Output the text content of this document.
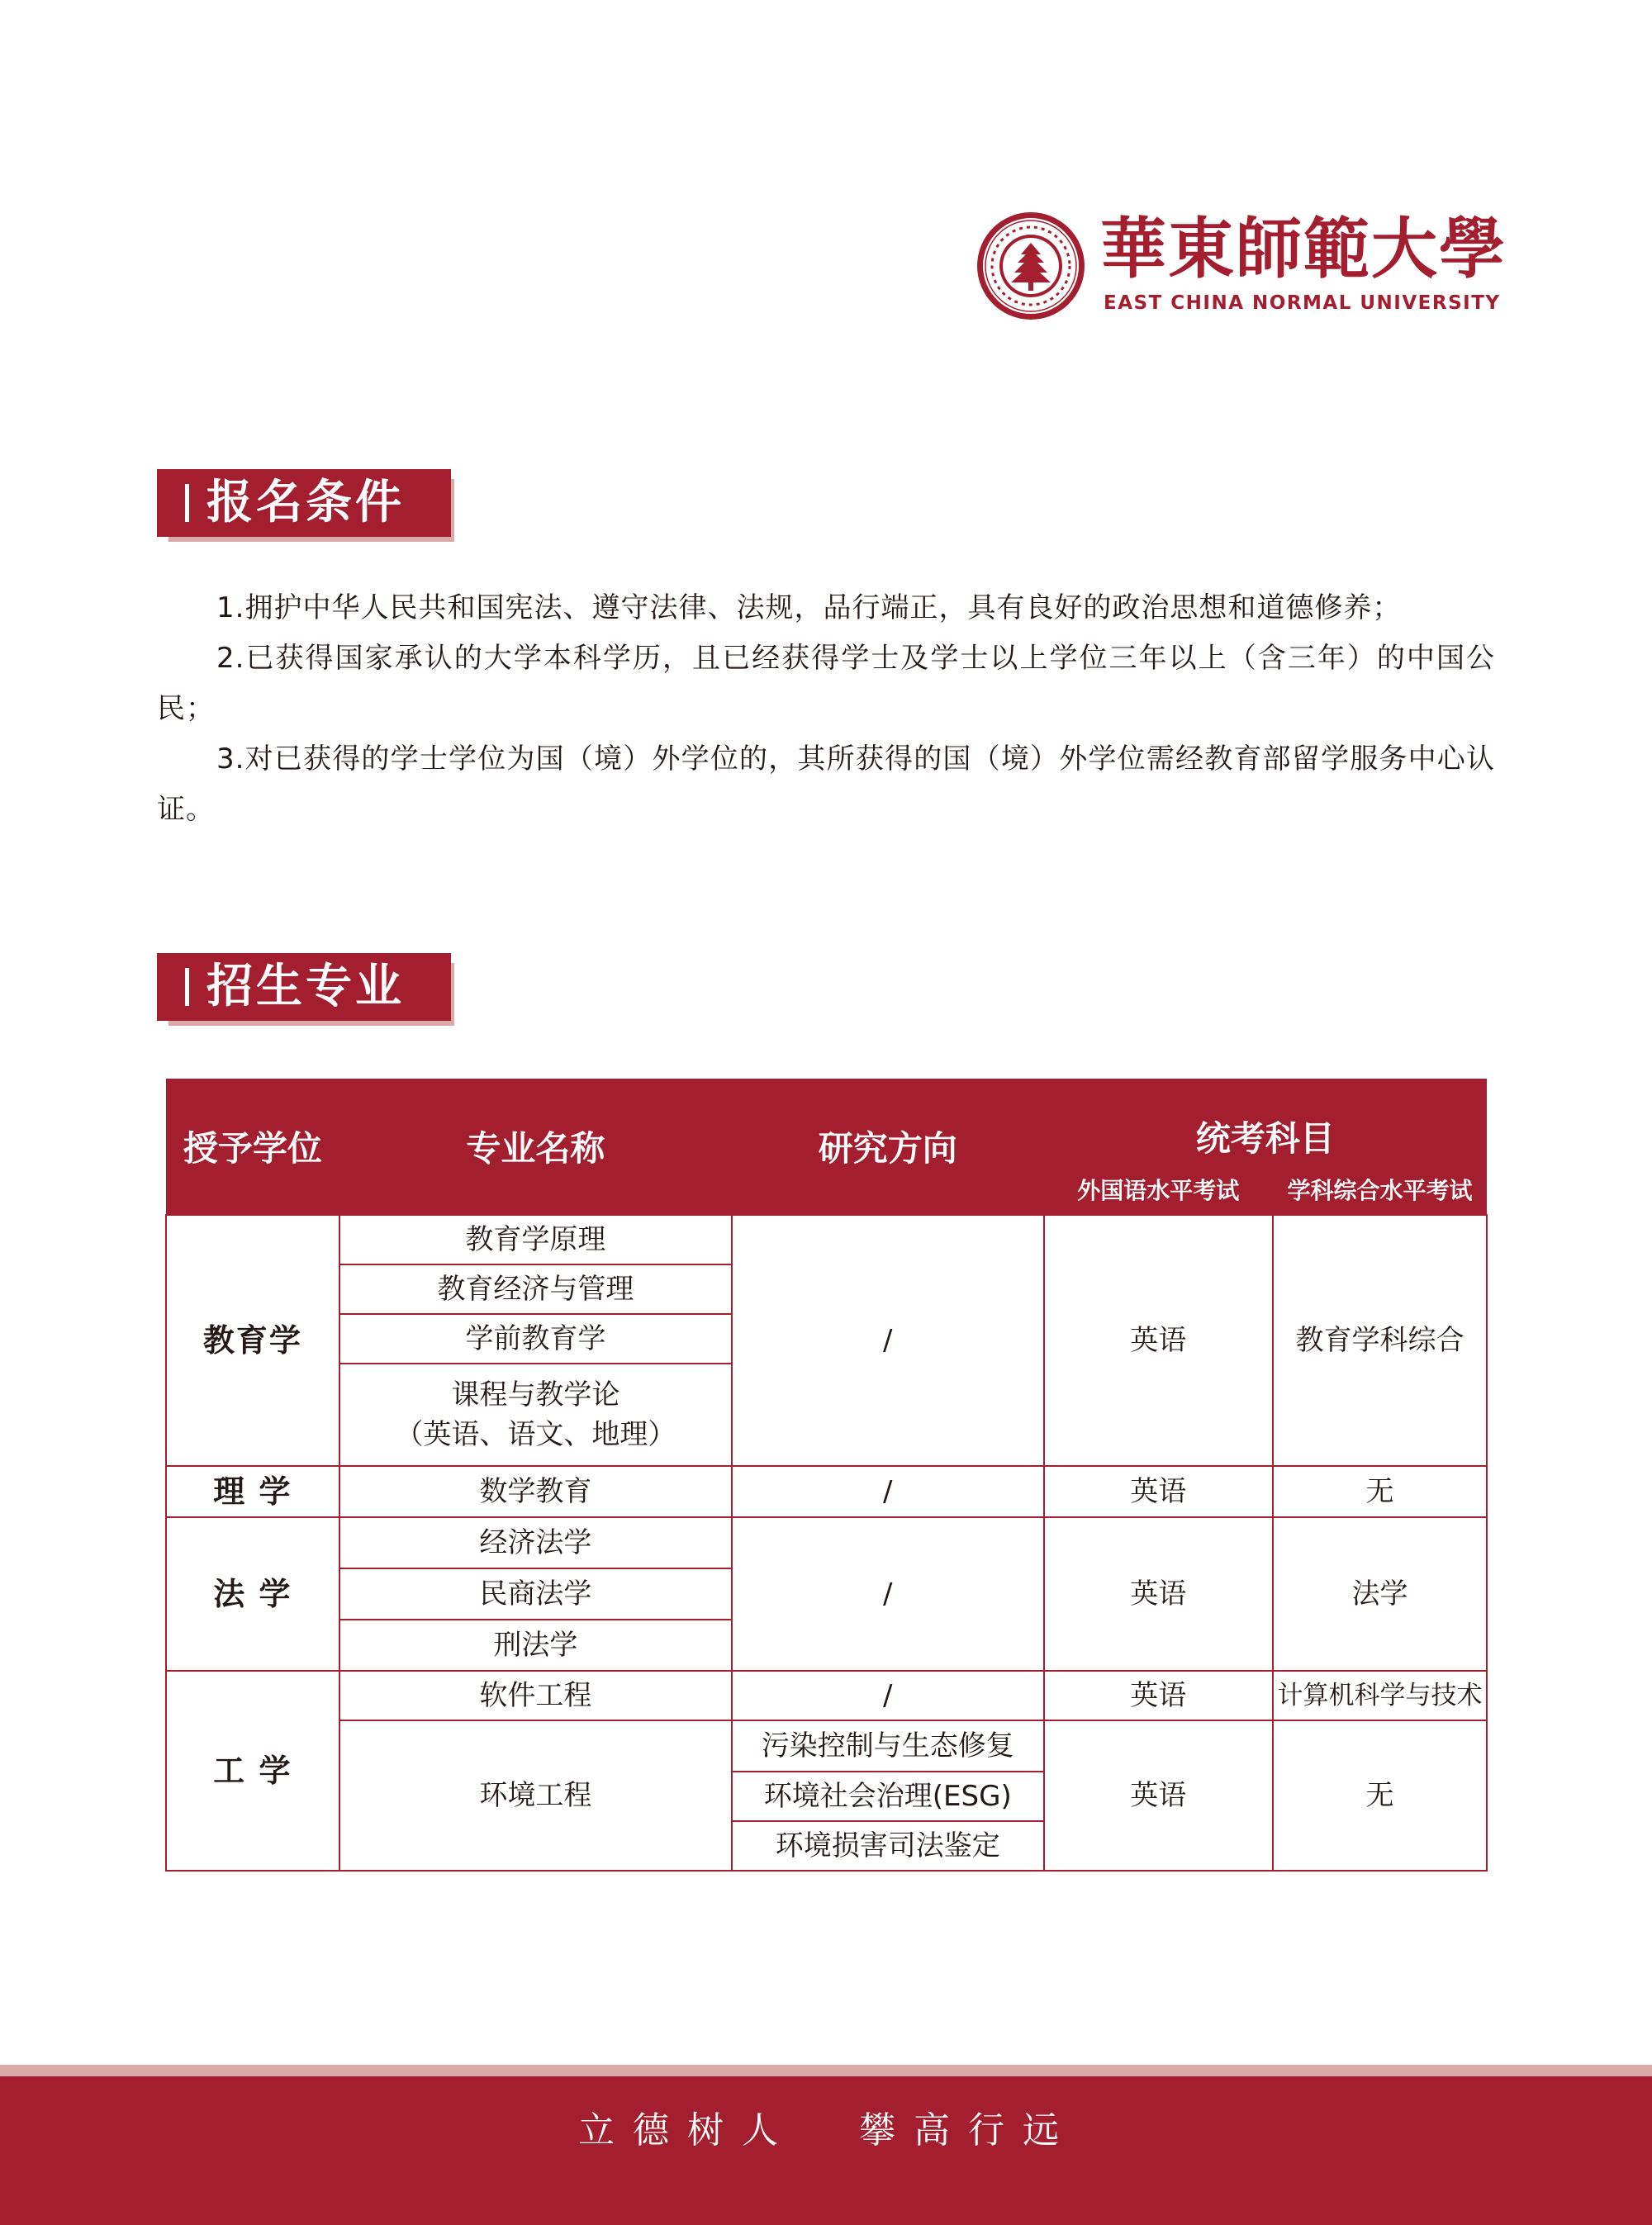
華東師範大學
EAST CHINA NORMAL UNIVERSITY
报名条件

1.拥护中华人民共和国宪法、遵守法律、法规，品行端正，具有良好的政治思想和道德修养；

2.已获得国家承认的大学本科学历，且已经获得学士及学士以上学位三年以上（含三年）的中国公民；

3.对已获得的学士学位为国（境）外学位的，其所获得的国（境）外学位需经教育部留学服务中心认证。

招生专业
授予学位	专业名称	研究方向	统考科目	
			外国语水平考试	学科综合水平考试
教育学	教育学原理	/	英语	教育学科综合
	教育经济与管理			
	学前教育学			

	课程与教学论
（英语、语文、地理）			

理 学	数学教育	/	英语	无
法 学	经济法学	/	英语	法学
	民商法学			
	刑法学			
工 学	软件工程	/	英语	计算机科学与技术
	环境工程	污染控制与生态修复	英语	无
		环境社会治理(ESG)		
		环境损害司法鉴定		
立德树人 攀高行远
